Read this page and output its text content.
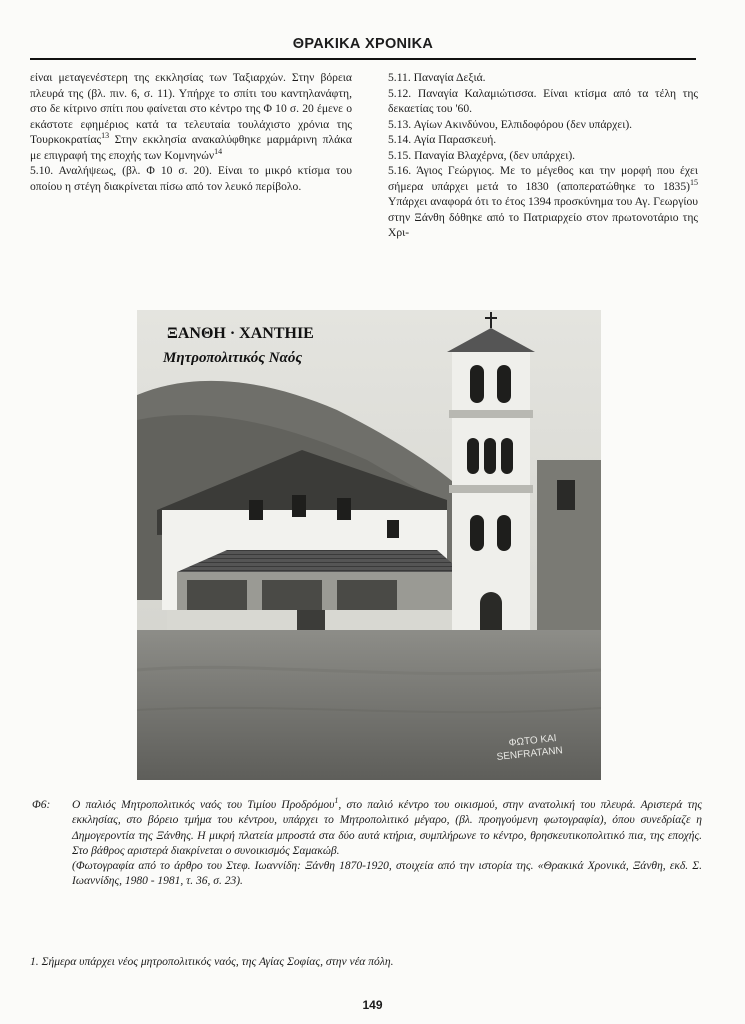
ΘΡΑΚΙΚΑ ΧΡΟΝΙΚΑ

είναι μεταγενέστερη της εκκλησίας των Ταξιαρχών. Στην βόρεια πλευρά της (βλ. πιν. 6, σ. 11). Υπήρχε το σπίτι του καντηλανάφτη, στο δε κίτρινο σπίτι που φαίνεται στο κέντρο της Φ 10 σ. 20 έμενε ο εκάστοτε εφημέριος κατά τα τελευταία τουλάχιστο χρόνια της Τουρκοκρατίας$^{13}$ Στην εκκλησία ανακαλύφθηκε μαρμάρινη πλάκα με επιγραφή της εποχής των Κομνηνών$^{14}$

5.10. Αναλήψεως, (βλ. Φ 10 σ. 20). Είναι το μικρό κτίσμα του οποίου η στέγη διακρίνεται πίσω από τον λευκό περίβολο.

5.11. Παναγία Δεξιά.

5.12. Παναγία Καλαμιώτισσα. Είναι κτίσμα από τα τέλη της δεκαετίας του '60.

5.13. Αγίων Ακινδύνου, Ελπιδοφόρου (δεν υπάρχει).

5.14. Αγία Παρασκευή.

5.15. Παναγία Βλαχέρνα, (δεν υπάρχει).

5.16. Άγιος Γεώργιος. Με το μέγεθος και την μορφή που έχει σήμερα υπάρχει μετά το 1830 (αποπερατώθηκε το 1835)$^{15}$ Υπάρχει αναφορά ότι το έτος 1394 προσκύνημα του Αγ. Γεωργίου στην Ξάνθη δόθηκε από το Πατριαρχείο στον πρωτονοτάριο της Χρι-

ΞΑΝΘΗ · ΧΑΝΤΗΙΕ
Μητροπολιτικός Ναός
ΦΩΤΟ ΚΑΙ
SENFRATANN
Φ6: Ο παλιός Μητροπολιτικός ναός του Τιμίου Προδρόμου$^1$, στο παλιό κέντρο του οικισμού, στην ανατολική του πλευρά. Αριστερά της εκκλησίας, στο βόρειο τμήμα του κέντρου, υπάρχει το Μητροπολιτικό μέγαρο, (βλ. προηγούμενη φωτογραφία), όπου συνεδρίαζε η Δημογεροντία της Ξάνθης. Η μικρή πλατεία μπροστά στα δύο αυτά κτήρια, συμπλήρωνε το κέντρο, θρησκευτικοπολιτικό πια, της εποχής. Στο βάθρος αριστερά διακρίνεται ο συνοικισμός Σαμακώβ.

(Φωτογραφία από το άρθρο του Στεφ. Ιωαννίδη: Ξάνθη 1870-1920, στοιχεία από την ιστορία της. «Θρακικά Χρονικά, Ξάνθη, εκδ. Σ. Ιωαννίδης, 1980 - 1981, τ. 36, σ. 23).

1. Σήμερα υπάρχει νέος μητροπολιτικός ναός, της Αγίας Σοφίας, στην νέα πόλη.
149
